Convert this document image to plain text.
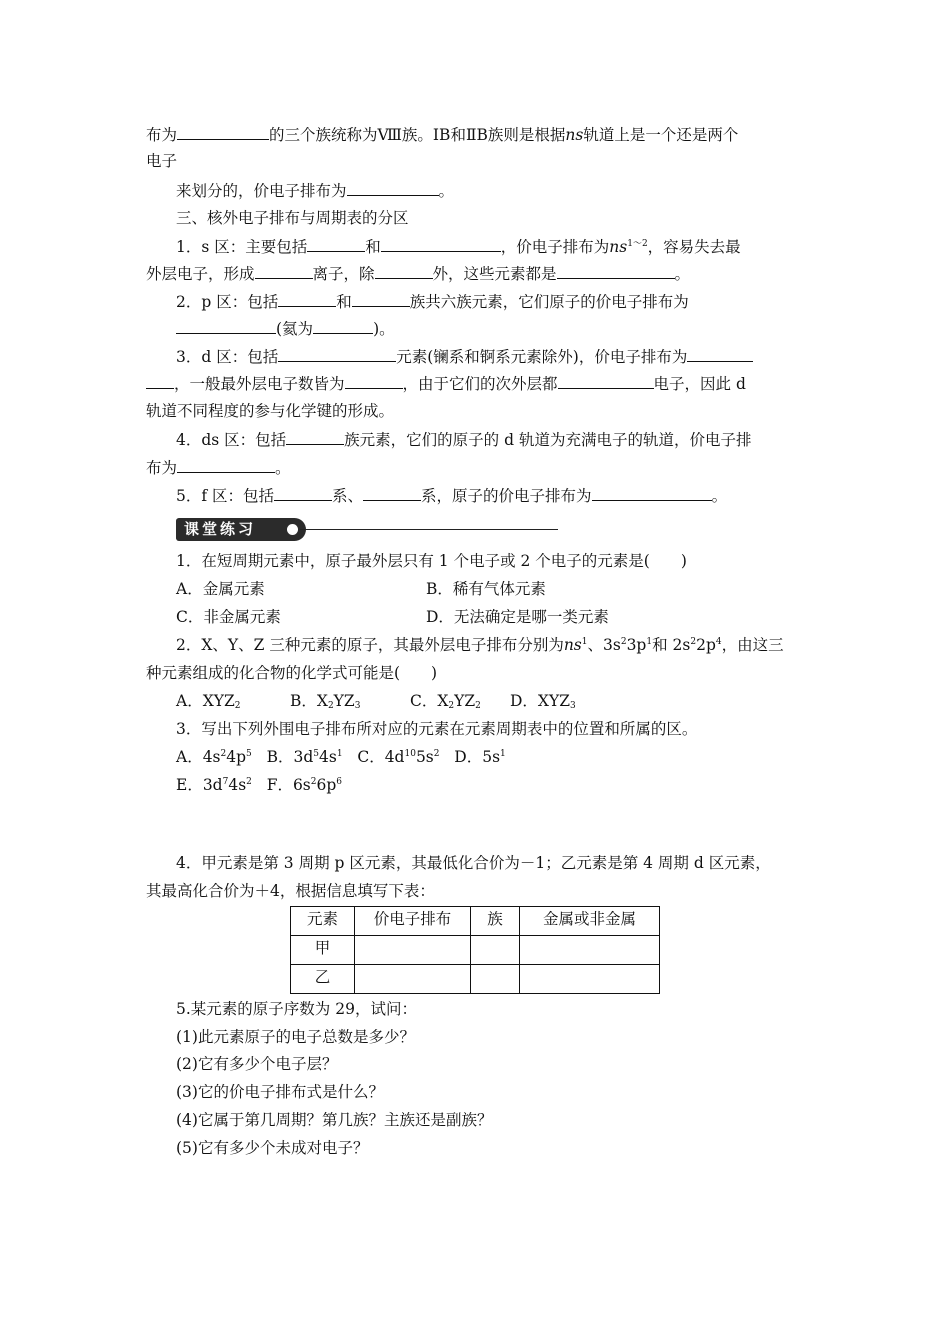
布为	的三个族统称为Ⅷ族。ⅠB和ⅡB族则是根据ns轨道上是一个还是两个
电子
来划分的，价电子排布为	。
三、核外电子排布与周期表的分区
1．s 区：主要包括	和	，价电子排布为$ns^{1\sim 2}$，容易失去最
外层电子，形成	离子，除	外，这些元素都是	。
2．p 区：包括	和	族共六族元素，它们原子的价电子排布为
(氦为	)。
3．d 区：包括	元素(镧系和锕系元素除外)，价电子排布为
，一般最外层电子数皆为	，由于它们的次外层都	电子，因此 d
轨道不同程度的参与化学键的形成。
4．ds 区：包括	族元素，它们的原子的 d 轨道为充满电子的轨道，价电子排
布为	。
5．f 区：包括	系、	系，原子的价电子排布为	。
课堂练习
1．在短周期元素中，原子最外层只有 1 个电子或 2 个电子的元素是(　　)
A．金属元素	B．稀有气体元素
C．非金属元素	D．无法确定是哪一类元素
2．X、Y、Z 三种元素的原子，其最外层电子排布分别为$ns^1$、$3s^23p^1$和 $2s^22p^4$，由这三
种元素组成的化合物的化学式可能是(　　)
A．$XYZ_2$	B．$X_2YZ_3$	C．$X_2YZ_2$ D．$XYZ_3$
3．写出下列外围电子排布所对应的元素在元素周期表中的位置和所属的区。
A．$4s^24p^5$ B．$3d^54s^1$ C．$4d^{10}5s^2$ D．$5s^1$
E．$3d^74s^2$ F．$6s^26p^6$
4．甲元素是第 3 周期 p 区元素，其最低化合价为－1；乙元素是第 4 周期 d 区元素，
其最高化合价为＋4，根据信息填写下表：
元素	价电子排布	族	金属或非金属
甲			
乙			
5.某元素的原子序数为 29，试问：
(1)此元素原子的电子总数是多少？
(2)它有多少个电子层？
(3)它的价电子排布式是什么？
(4)它属于第几周期？第几族？主族还是副族？
(5)它有多少个未成对电子？
